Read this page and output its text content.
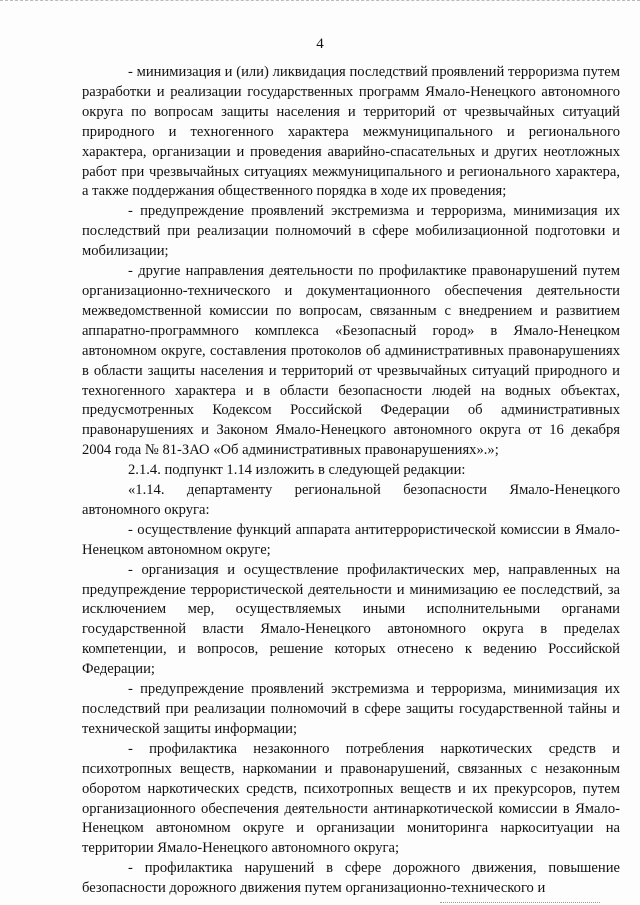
4

- минимизация и (или) ликвидация последствий проявлений терроризма путем разработки и реализации государственных программ Ямало-Ненецкого автономного округа по вопросам защиты населения и территорий от чрезвычайных ситуаций природного и техногенного характера межмуниципального и регионального характера, организации и проведения аварийно-спасательных и других неотложных работ при чрезвычайных ситуациях межмуниципального и регионального характера, а также поддержания общественного порядка в ходе их проведения;

- предупреждение проявлений экстремизма и терроризма, минимизация их последствий при реализации полномочий в сфере мобилизационной подготовки и мобилизации;

- другие направления деятельности по профилактике правонарушений путем организационно-технического и документационного обеспечения деятельности межведомственной комиссии по вопросам, связанным с внедрением и развитием аппаратно-программного комплекса «Безопасный город» в Ямало-Ненецком автономном округе, составления протоколов об административных правонарушениях в области защиты населения и территорий от чрезвычайных ситуаций природного и техногенного характера и в области безопасности людей на водных объектах, предусмотренных Кодексом Российской Федерации об административных правонарушениях и Законом Ямало-Ненецкого автономного округа от 16 декабря 2004 года № 81-ЗАО «Об административных правонарушениях».»;

2.1.4. подпункт 1.14 изложить в следующей редакции:

«1.14. департаменту региональной безопасности Ямало-Ненецкого автономного округа:

- осуществление функций аппарата антитеррористической комиссии в Ямало-Ненецком автономном округе;

- организация и осуществление профилактических мер, направленных на предупреждение террористической деятельности и минимизацию ее последствий, за исключением мер, осуществляемых иными исполнительными органами государственной власти Ямало-Ненецкого автономного округа в пределах компетенции, и вопросов, решение которых отнесено к ведению Российской Федерации;

- предупреждение проявлений экстремизма и терроризма, минимизация их последствий при реализации полномочий в сфере защиты государственной тайны и технической защиты информации;

- профилактика незаконного потребления наркотических средств и психотропных веществ, наркомании и правонарушений, связанных с незаконным оборотом наркотических средств, психотропных веществ и их прекурсоров, путем организационного обеспечения деятельности антинаркотической комиссии в Ямало-Ненецком автономном округе и организации мониторинга наркоситуации на территории Ямало-Ненецкого автономного округа;

- профилактика нарушений в сфере дорожного движения, повышение безопасности дорожного движения путем организационно-технического и
